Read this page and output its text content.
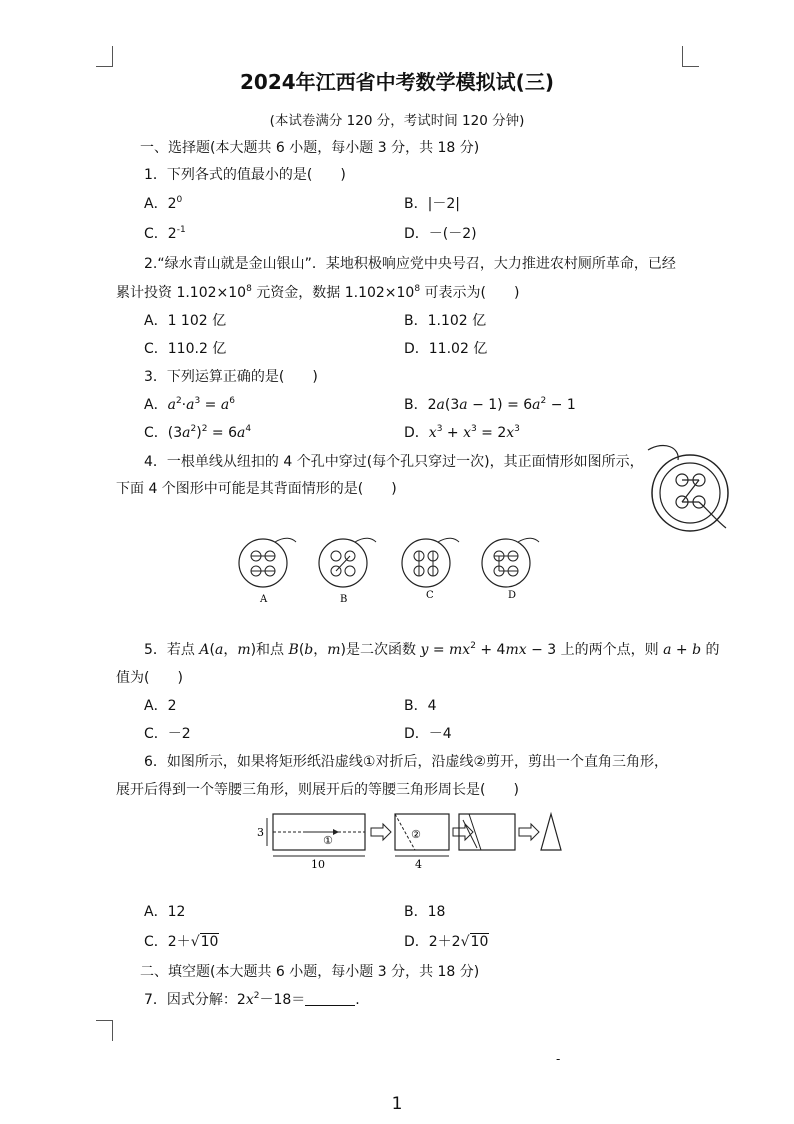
2024年江西省中考数学模拟试(三)
(本试卷满分 120 分，考试时间 120 分钟)
一、选择题(本大题共 6 小题，每小题 3 分，共 18 分)
1．下列各式的值最小的是(　　)
A．$2^0$	B．|－2|
C．$2^{-1}$	D．－(－2)
2.“绿水青山就是金山银山”．某地积极响应党中央号召，大力推进农村厕所革命，已经
累计投资 $1.102\times 10^8$ 元资金，数据 $1.102\times 10^8$ 可表示为(　　)
A．1 102 亿	B．1.102 亿
C．110.2 亿	D．11.02 亿
3．下列运算正确的是(　　)
A．$a^2\cdot a^3 = a^6$	B．$2a(3a - 1) = 6a^2 - 1$
C．$(3a^2)^2 = 6a^4$	D．$x^3 + x^3 = 2x^3$
4．一根单线从纽扣的 4 个孔中穿过(每个孔只穿过一次)，其正面情形如图所示，
下面 4 个图形中可能是其背面情形的是(　　)
A	B	C	D
5．若点 A(a，m)和点 B(b，m)是二次函数 $y = mx^2 + 4mx - 3$ 上的两个点，则 a + b 的
值为(　　)
A．2	B．4
C．－2	D．－4
6．如图所示，如果将矩形纸沿虚线①对折后，沿虚线②剪开，剪出一个直角三角形，
展开后得到一个等腰三角形，则展开后的等腰三角形周长是(　　)
3
①
10
②
4
A．12	B．18
C．2＋√10	D．2＋2√10
二、填空题(本大题共 6 小题，每小题 3 分，共 18 分)
7．因式分解：$2x^2-18=$	.
-
1
